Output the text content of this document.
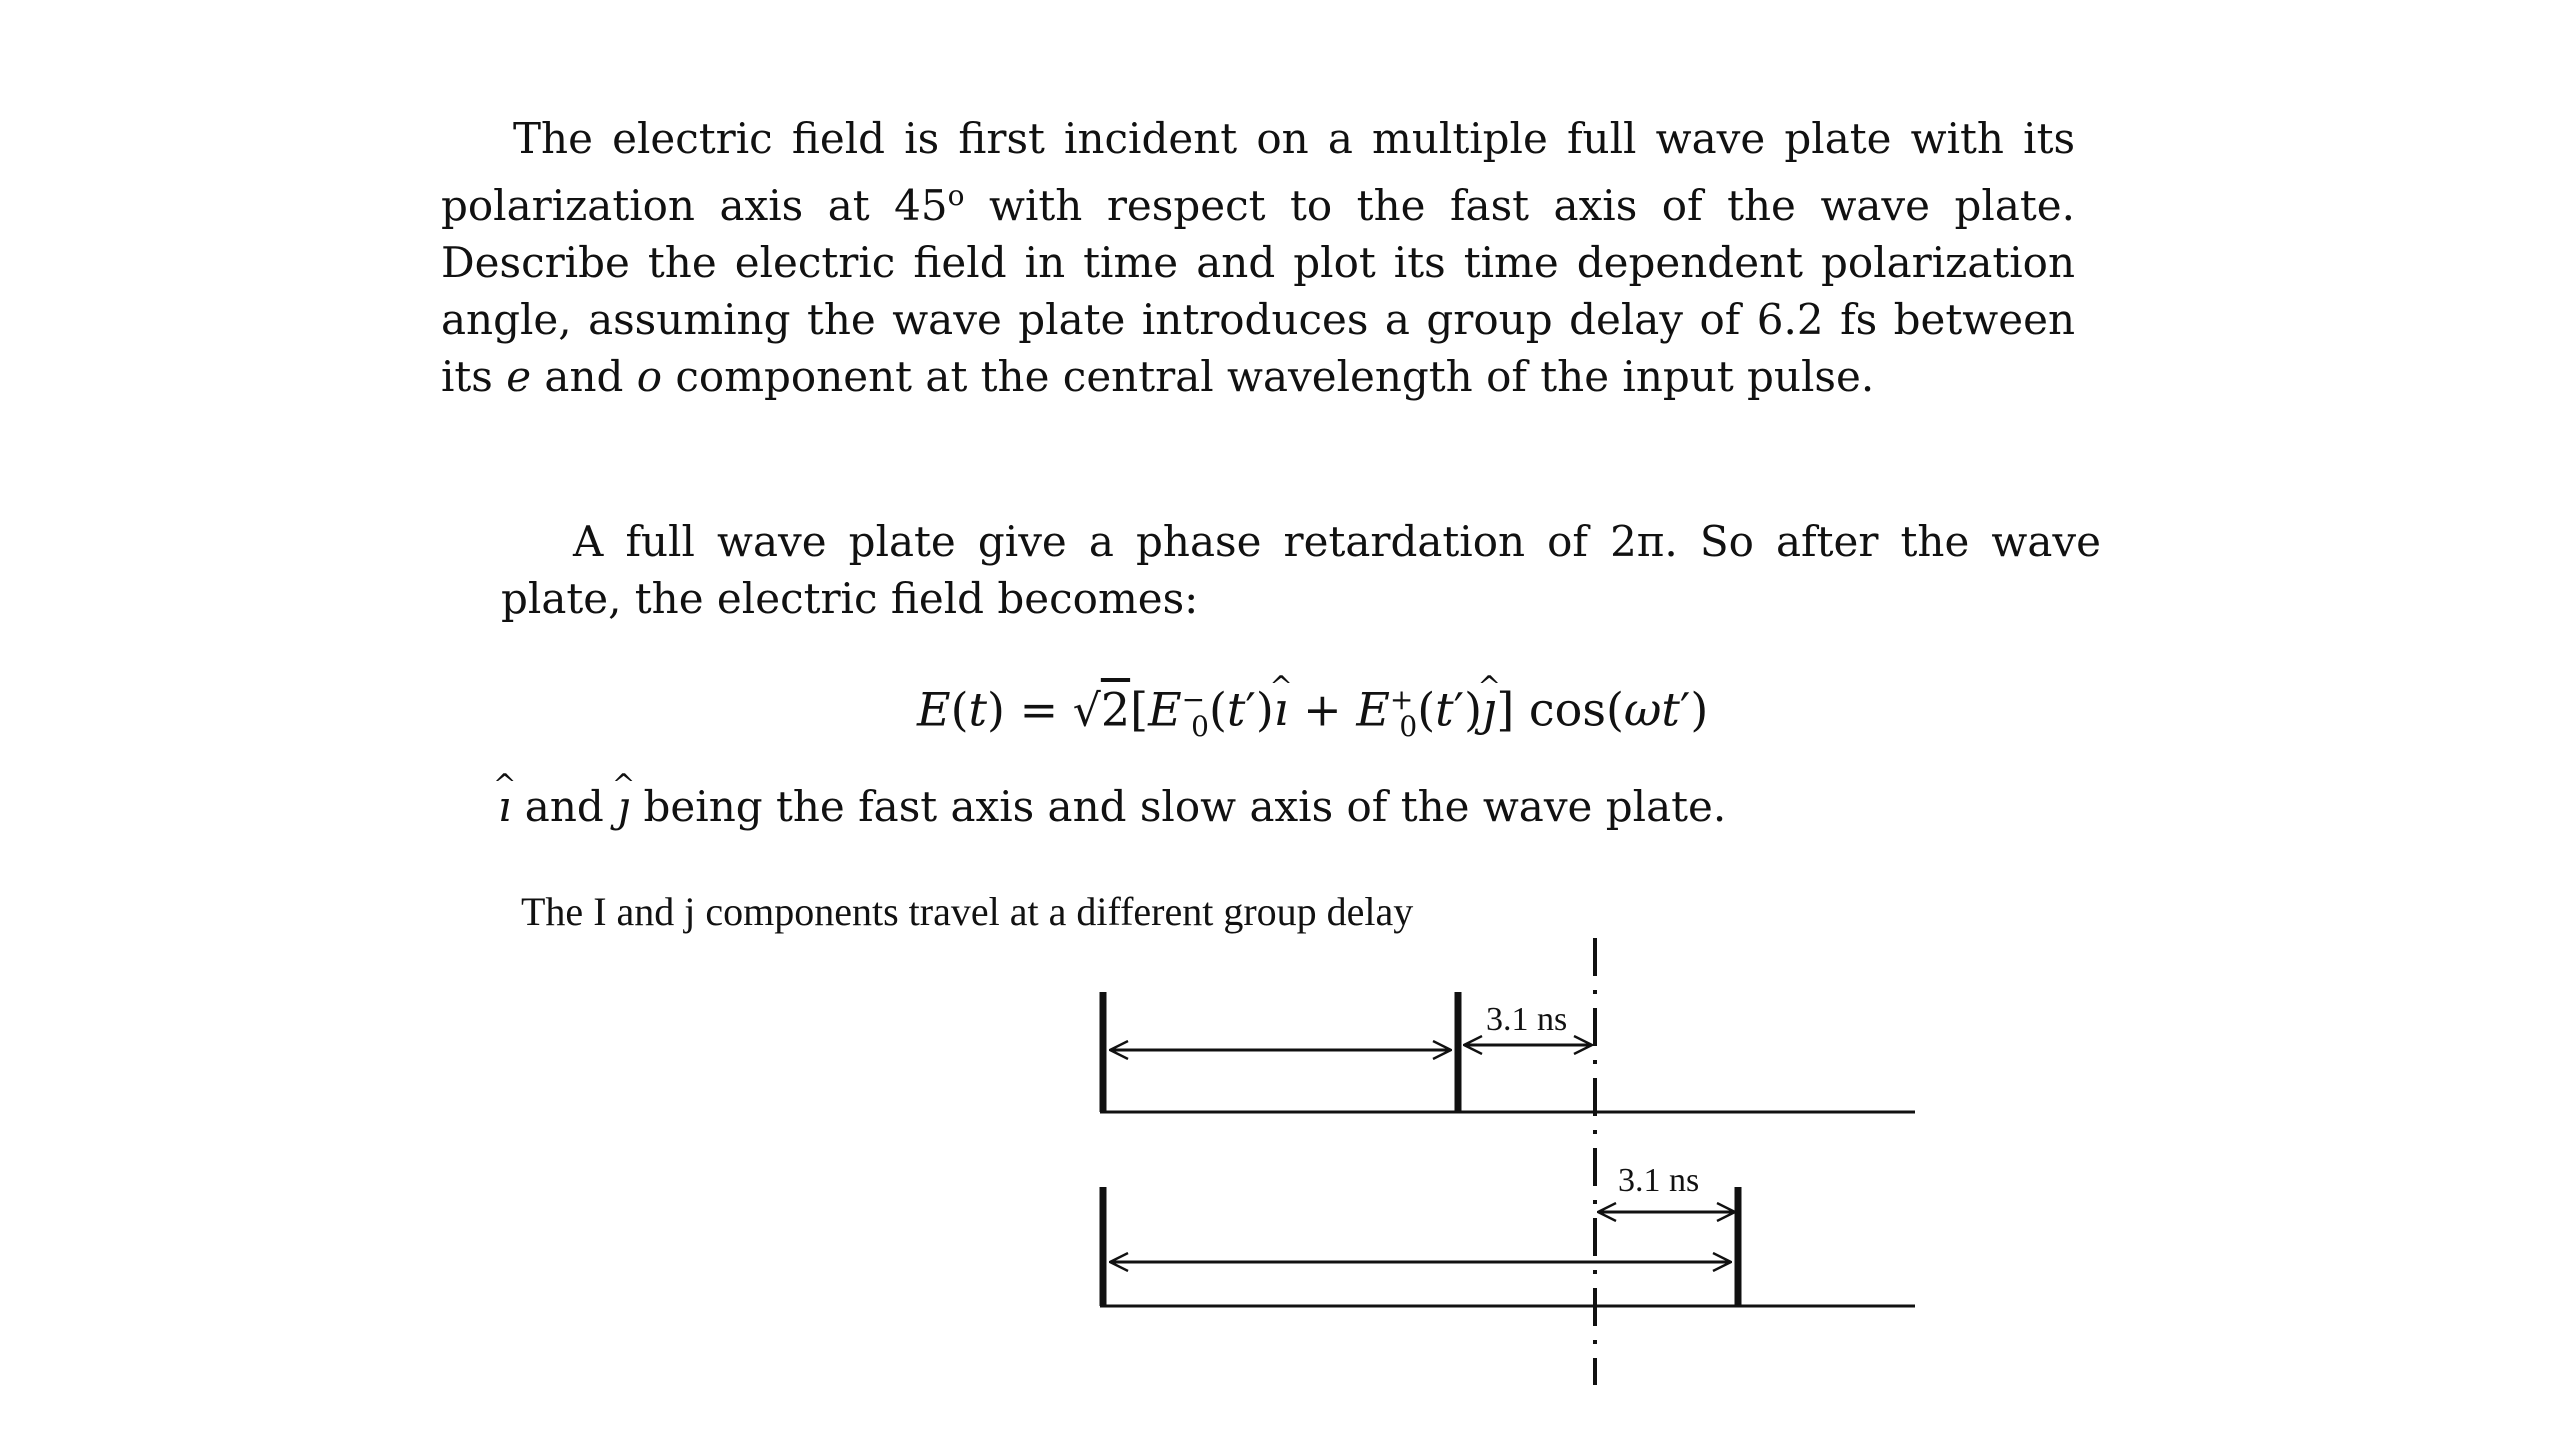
The electric field is first incident on a multiple full wave plate with its polarization axis at 45$^o$ with respect to the fast axis of the wave plate. Describe the electric field in time and plot its time dependent polarization angle, assuming the wave plate introduces a group delay of 6.2 fs between its e and o component at the central wavelength of the input pulse.

A full wave plate give a phase retardation of 2π. So after the wave plate, the electric field becomes:

$E(t) = √2[E^-_0(t')\^{}$ ı + $E^+_0(t')\^{}$ ȷ] cos(ωt′)

^ ı and ^ ȷ being the fast axis and slow axis of the wave plate.

The I and j components travel at a different group delay

3.1 ns
3.1 ns
